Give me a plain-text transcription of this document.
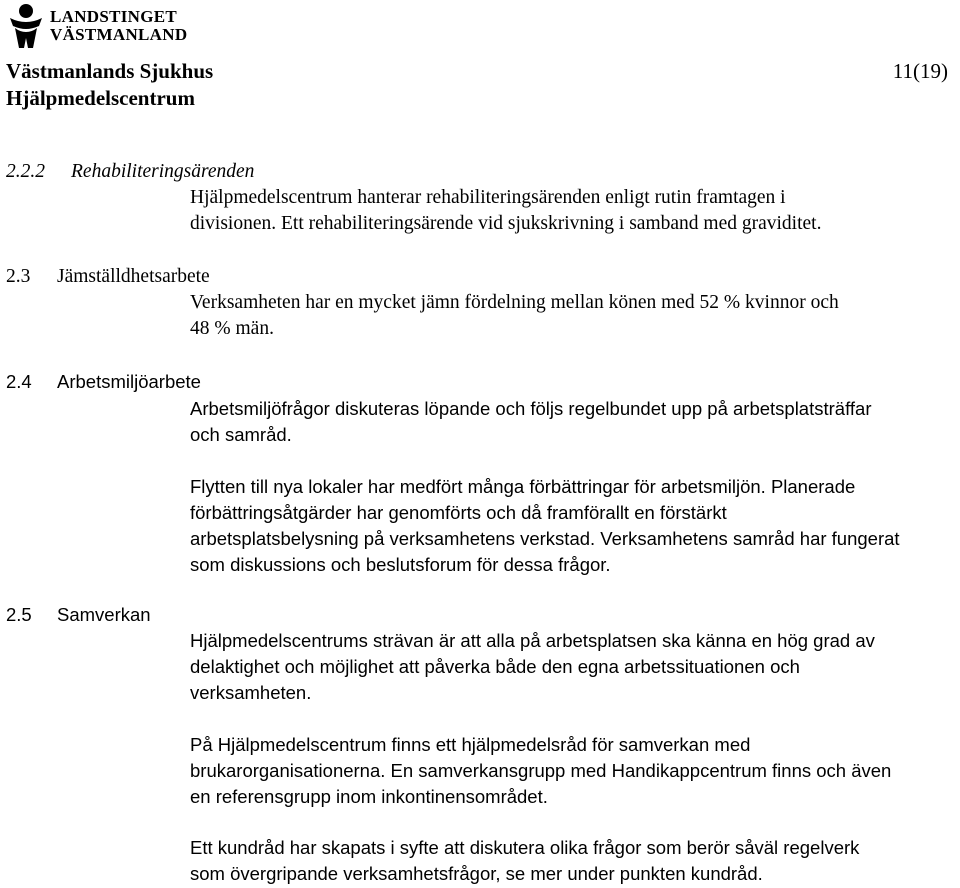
LANDSTINGET
VÄSTMANLAND
Västmanlands Sjukhus
Hjälpmedelscentrum
11(19)
2.2.2 Rehabiliteringsärenden
Hjälpmedelscentrum hanterar rehabiliteringsärenden enligt rutin framtagen i
divisionen. Ett rehabiliteringsärende vid sjukskrivning i samband med graviditet.
2.3 Jämställdhetsarbete
Verksamheten har en mycket jämn fördelning mellan könen med 52 % kvinnor och
48 % män.
2.4 Arbetsmiljöarbete
Arbetsmiljöfrågor diskuteras löpande och följs regelbundet upp på arbetsplatsträffar
och samråd.
Flytten till nya lokaler har medfört många förbättringar för arbetsmiljön. Planerade
förbättringsåtgärder har genomförts och då framförallt en förstärkt
arbetsplatsbelysning på verksamhetens verkstad. Verksamhetens samråd har fungerat
som diskussions och beslutsforum för dessa frågor.
2.5 Samverkan
Hjälpmedelscentrums strävan är att alla på arbetsplatsen ska känna en hög grad av
delaktighet och möjlighet att påverka både den egna arbetssituationen och
verksamheten.
På Hjälpmedelscentrum finns ett hjälpmedelsråd för samverkan med
brukarorganisationerna. En samverkansgrupp med Handikappcentrum finns och även
en referensgrupp inom inkontinensområdet.
Ett kundråd har skapats i syfte att diskutera olika frågor som berör såväl regelverk
som övergripande verksamhetsfrågor, se mer under punkten kundråd.
